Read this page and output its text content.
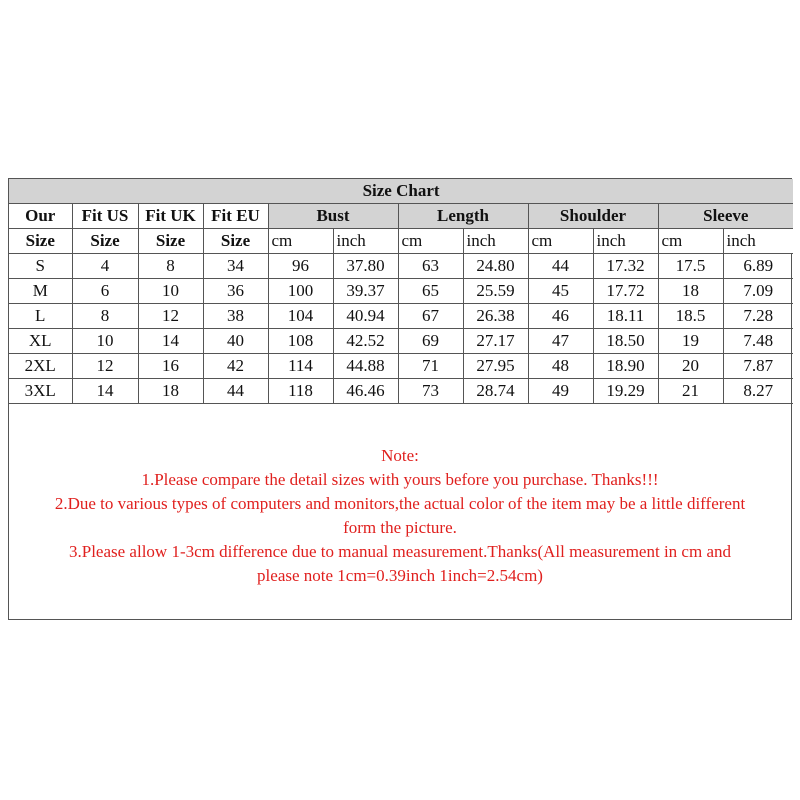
Size Chart											
Our	Fit US	Fit UK	Fit EU	Bust		Length		Shoulder		Sleeve	
Size	Size	Size	Size	cm	inch	cm	inch	cm	inch	cm	inch
S	4	8	34	96	37.80	63	24.80	44	17.32	17.5	6.89
M	6	10	36	100	39.37	65	25.59	45	17.72	18	7.09
L	8	12	38	104	40.94	67	26.38	46	18.11	18.5	7.28
XL	10	14	40	108	42.52	69	27.17	47	18.50	19	7.48
2XL	12	16	42	114	44.88	71	27.95	48	18.90	20	7.87
3XL	14	18	44	118	46.46	73	28.74	49	19.29	21	8.27
Note:
1.Please compare the detail sizes with yours before you purchase. Thanks!!!
2.Due to various types of computers and monitors,the actual color of the item may be a little different
form the picture.
3.Please allow 1-3cm difference due to manual measurement.Thanks(All measurement in cm and
please note 1cm=0.39inch 1inch=2.54cm)
